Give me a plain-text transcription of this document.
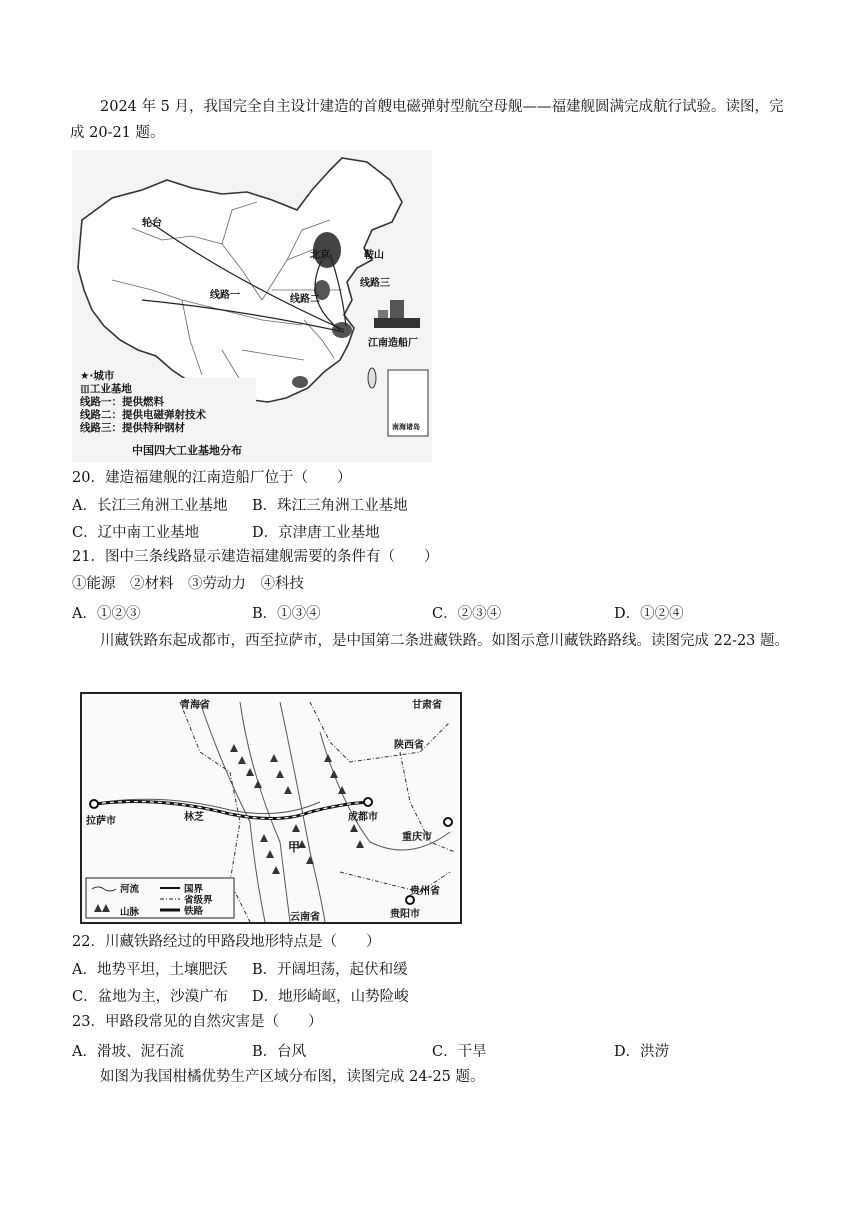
2024 年 5 月，我国完全自主设计建造的首艘电磁弹射型航空母舰——福建舰圆满完成航行试验。读图，完成 20-21 题。
轮台
北京	鞍山
线路三
线路一	线路二
江南造船厂
南海诸岛
★·城市
▥工业基地
线路一：提供燃料
线路二：提供电磁弹射技术
线路三：提供特种钢材
中国四大工业基地分布
20．建造福建舰的江南造船厂位于（　　）
A．长江三角洲工业基地 B．珠江三角洲工业基地
C．辽中南工业基地	D．京津唐工业基地
21．图中三条线路显示建造福建舰需要的条件有（　　）
①能源　②材料　③劳动力　④科技
A．①②③	B．①③④	C．②③④	D．①②④
川藏铁路东起成都市，西至拉萨市，是中国第二条进藏铁路。如图示意川藏铁路路线。读图完成 22-23 题。
拉萨市	林芝	成都市
重庆市
贵阳市
甘肃省
陕西省
青海省
云南省
贵州省
甲
河流
山脉
国界
省级界
铁路
22．川藏铁路经过的甲路段地形特点是（　　）
A．地势平坦，土壤肥沃 B．开阔坦荡，起伏和缓
C．盆地为主，沙漠广布 D．地形崎岖，山势险峻
23．甲路段常见的自然灾害是（　　）
A．滑坡、泥石流	B．台风	C．干旱	D．洪涝
如图为我国柑橘优势生产区域分布图，读图完成 24-25 题。
